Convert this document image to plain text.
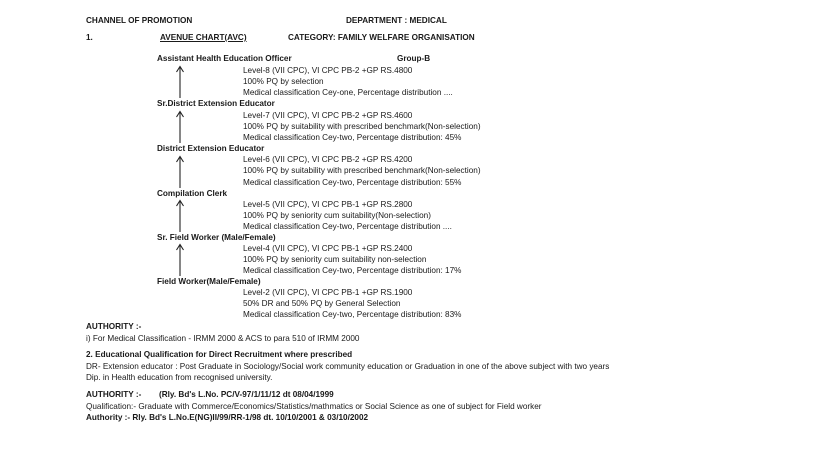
CHANNEL OF PROMOTION	DEPARTMENT : MEDICAL
1.	AVENUE CHART(AVC)	CATEGORY: FAMILY WELFARE ORGANISATION
Assistant Health Education Officer	Group-B
Level-8 (VII CPC), VI CPC PB-2 +GP RS.4800
100% PQ by selection
Medical classification Cey-one, Percentage distribution ....
Sr.District Extension Educator
Level-7 (VII CPC), VI CPC PB-2 +GP RS.4600
100% PQ by suitability with prescribed benchmark(Non-selection)
Medical classification Cey-two, Percentage distribution: 45%
District Extension Educator
Level-6 (VII CPC), VI CPC PB-2 +GP RS.4200
100% PQ by suitability with prescribed benchmark(Non-selection)
Medical classification Cey-two, Percentage distribution: 55%
Compilation Clerk
Level-5 (VII CPC), VI CPC PB-1 +GP RS.2800
100% PQ by seniority cum suitability(Non-selection)
Medical classification Cey-two, Percentage distribution ....
Sr. Field Worker (Male/Female)
Level-4 (VII CPC), VI CPC PB-1 +GP RS.2400
100% PQ by seniority cum suitability non-selection
Medical classification Cey-two, Percentage distribution: 17%
Field Worker(Male/Female)
Level-2 (VII CPC), VI CPC PB-1 +GP RS.1900
50% DR and 50% PQ by General Selection
Medical classification Cey-two, Percentage distribution: 83%
AUTHORITY :-
i) For Medical Classification - IRMM 2000 & ACS to para 510 of IRMM 2000
2. Educational Qualification for Direct Recruitment where prescribed
DR- Extension educator : Post Graduate in Sociology/Social work community education or Graduation in one of the above subject with two years
Dip. in Health education from recognised university.
AUTHORITY :- (Rly. Bd's L.No. PC/V-97/1/11/12 dt 08/04/1999
Qualification:- Graduate with Commerce/Economics/Statistics/mathmatics or Social Science as one of subject for Field worker
Authority :- Rly. Bd's L.No.E(NG)II/99/RR-1/98 dt. 10/10/2001 & 03/10/2002
